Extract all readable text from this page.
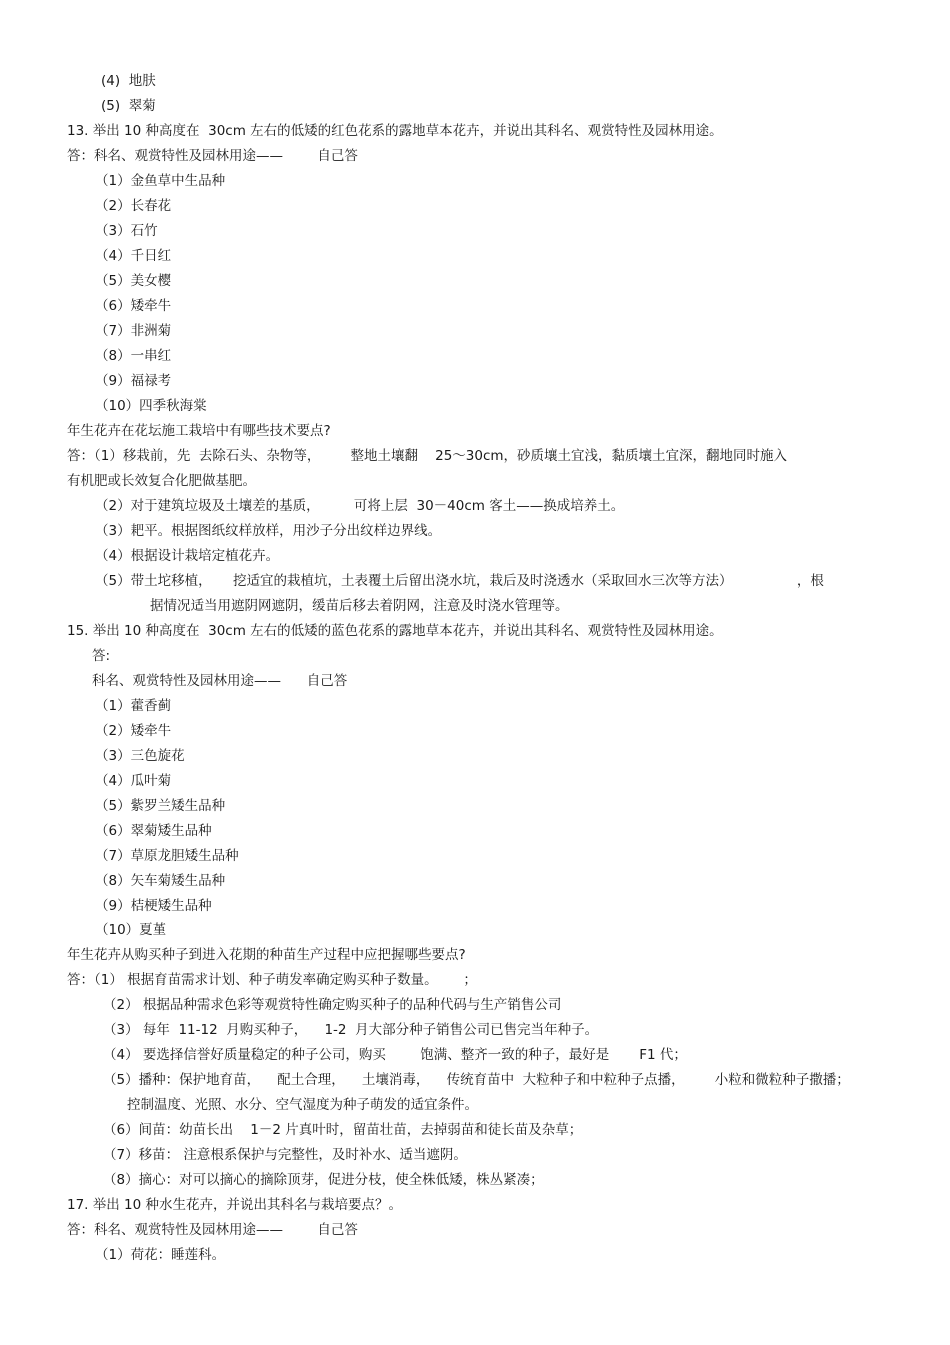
(4)  地肤
(5)  翠菊
13. 举出 10 种高度在  30cm 左右的低矮的红色花系的露地草本花卉，并说出其科名、观赏特性及园林用途。
答：科名、观赏特性及园林用途——        自己答
（1）金鱼草中生品种
（2）长春花
（3）石竹
（4）千日红
（5）美女樱
（6）矮牵牛
（7）非洲菊
（8）一串红
（9）福禄考
（10）四季秋海棠
年生花卉在花坛施工栽培中有哪些技术要点?
答：（1）移栽前，先  去除石头、杂物等，       整地土壤翻    25～30cm，砂质壤土宜浅，黏质壤土宜深，翻地同时施入
有机肥或长效复合化肥做基肥。
（2）对于建筑垃圾及土壤差的基质，        可将上层  30－40cm 客土——换成培养土。
（3）耙平。根据图纸纹样放样，用沙子分出纹样边界线。
（4）根据设计栽培定植花卉。
（5）带土坨移植，     挖适宜的栽植坑，土表覆土后留出浇水坑，栽后及时浇透水（采取回水三次等方法）               ，根
据情况适当用遮阴网遮阴，缓苗后移去着阴网，注意及时浇水管理等。
15. 举出 10 种高度在  30cm 左右的低矮的蓝色花系的露地草本花卉，并说出其科名、观赏特性及园林用途。
答:
科名、观赏特性及园林用途——      自己答
（1）藿香蓟
（2）矮牵牛
（3）三色旋花
（4）瓜叶菊
（5）紫罗兰矮生品种
（6）翠菊矮生品种
（7）草原龙胆矮生品种
（8）矢车菊矮生品种
（9）桔梗矮生品种
（10）夏堇
年生花卉从购买种子到进入花期的种苗生产过程中应把握哪些要点?
答：（1） 根据育苗需求计划、种子萌发率确定购买种子数量。      ；
（2） 根据品种需求色彩等观赏特性确定购买种子的品种代码与生产销售公司
（3） 每年  11-12  月购买种子，    1-2  月大部分种子销售公司已售完当年种子。
（4） 要选择信誉好质量稳定的种子公司，购买        饱满、整齐一致的种子，最好是       F1 代；
（5）播种：保护地育苗，    配土合理，    土壤消毒，    传统育苗中  大粒种子和中粒种子点播，       小粒和微粒种子撒播；
控制温度、光照、水分、空气湿度为种子萌发的适宜条件。
（6）间苗：幼苗长出    1－2 片真叶时，留苗壮苗，去掉弱苗和徒长苗及杂草；
（7）移苗： 注意根系保护与完整性，及时补水、适当遮阴。
（8）摘心：对可以摘心的摘除顶芽，促进分枝，使全株低矮，株丛紧凑；
17. 举出 10 种水生花卉，并说出其科名与栽培要点？。
答：科名、观赏特性及园林用途——        自己答
（1）荷花：睡莲科。
